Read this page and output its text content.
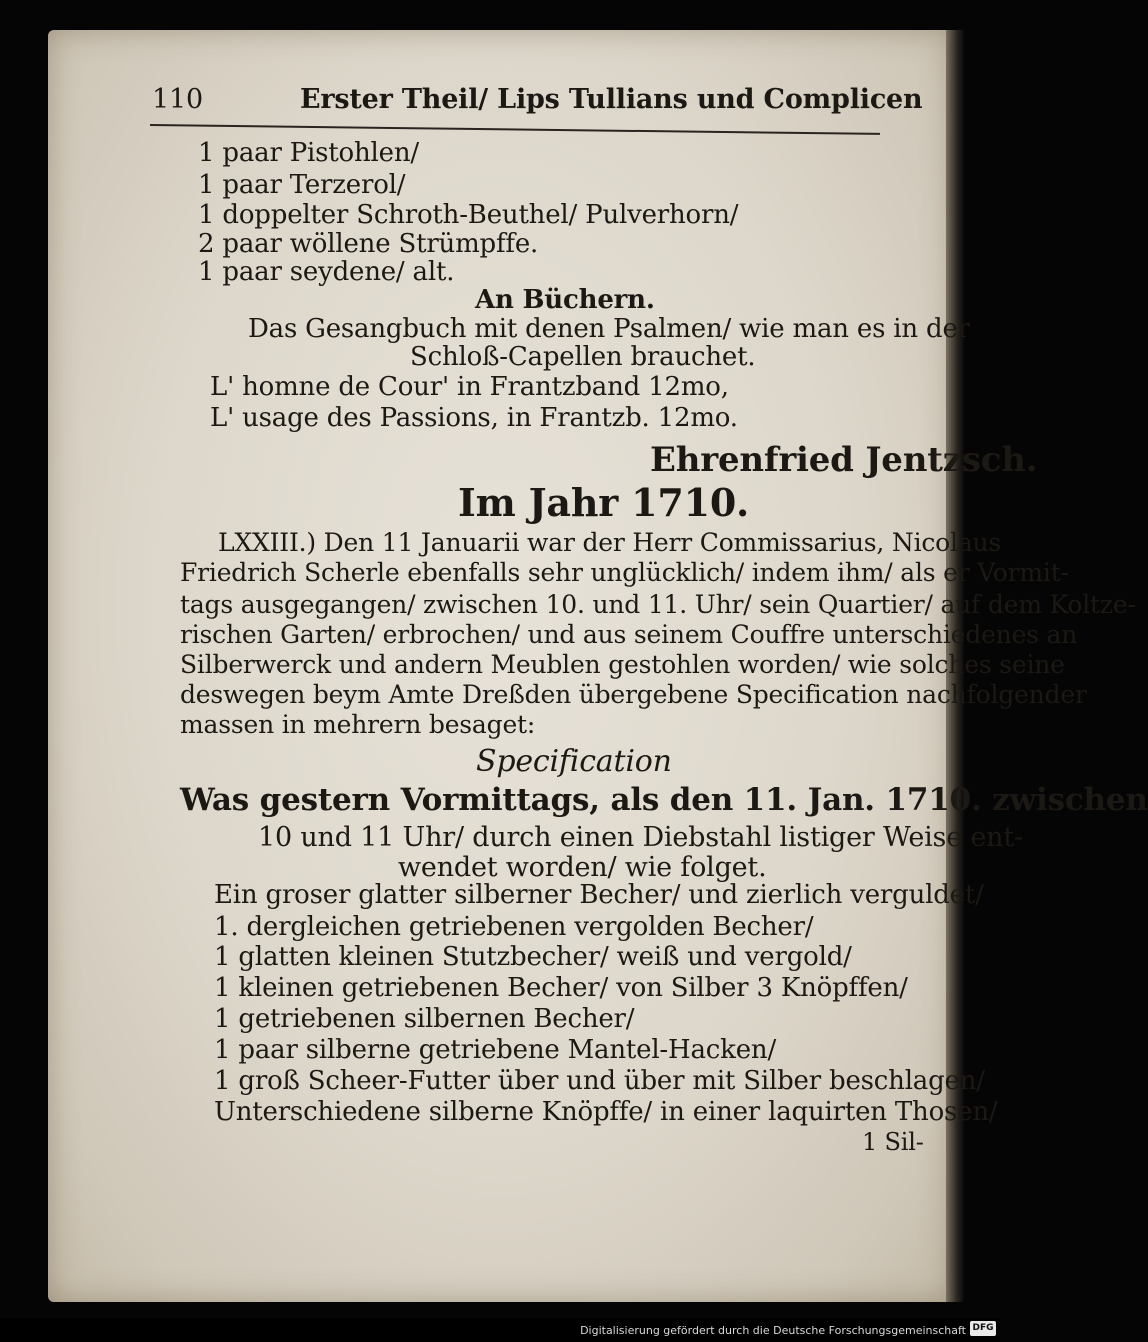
110	Erster Theil/ Lips Tullians und Complicen
1 paar Pistohlen/
1 paar Terzerol/
1 doppelter Schroth-Beuthel/ Pulverhorn/
2 paar wöllene Strümpffe.
1 paar seydene/ alt.
An Büchern.
Das Gesangbuch mit denen Psalmen/ wie man es in der
Schloß-Capellen brauchet.
L' homne de Cour' in Frantzband 12mo,
L' usage des Passions, in Frantzb. 12mo.
Ehrenfried Jentzsch.
Im Jahr 1710.
LXXIII.) Den 11 Januarii war der Herr Commissarius, Nicolaus
Friedrich Scherle ebenfalls sehr unglücklich/ indem ihm/ als er Vormit-
tags ausgegangen/ zwischen 10. und 11. Uhr/ sein Quartier/ auf dem Koltze-
rischen Garten/ erbrochen/ und aus seinem Couffre unterschiedenes an
Silberwerck und andern Meublen gestohlen worden/ wie solches seine
deswegen beym Amte Dreßden übergebene Specification nachfolgender
massen in mehrern besaget:
Specification
Was gestern Vormittags, als den 11. Jan. 1710. zwischen
10 und 11 Uhr/ durch einen Diebstahl listiger Weise ent-
wendet worden/ wie folget.
Ein groser glatter silberner Becher/ und zierlich verguldet/
1. dergleichen getriebenen vergolden Becher/
1 glatten kleinen Stutzbecher/ weiß und vergold/
1 kleinen getriebenen Becher/ von Silber 3 Knöpffen/
1 getriebenen silbernen Becher/
1 paar silberne getriebene Mantel-Hacken/
1 groß Scheer-Futter über und über mit Silber beschlagen/
Unterschiedene silberne Knöpffe/ in einer laquirten Thosen/
1 Sil-
Digitalisierung gefördert durch die Deutsche Forschungsgemeinschaft DFG
